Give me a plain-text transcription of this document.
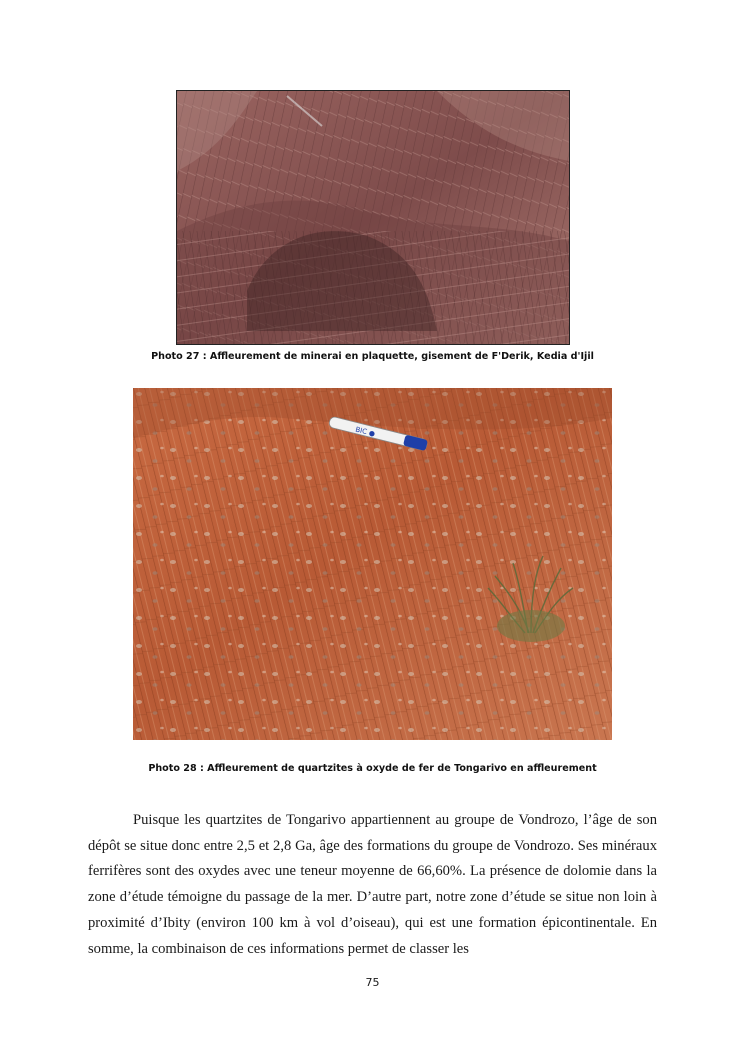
Photo 27 : Affleurement de minerai en plaquette, gisement de F'Derik, Kedia d'Ijil
BIC ●
Photo 28 : Affleurement de quartzites à oxyde de fer de Tongarivo en affleurement

Puisque les quartzites de Tongarivo appartiennent au groupe de Vondrozo, l’âge de son dépôt se situe donc entre 2,5 et 2,8 Ga, âge des formations du groupe de Vondrozo. Ses minéraux ferrifères sont des oxydes avec une teneur moyenne de 66,60%. La présence de dolomie dans la zone d’étude témoigne du passage de la mer. D’autre part, notre zone d’étude se situe non loin à proximité d’Ibity (environ 100 km à vol d’oiseau), qui est une formation épicontinentale. En somme, la combinaison de ces informations permet de classer les

75
